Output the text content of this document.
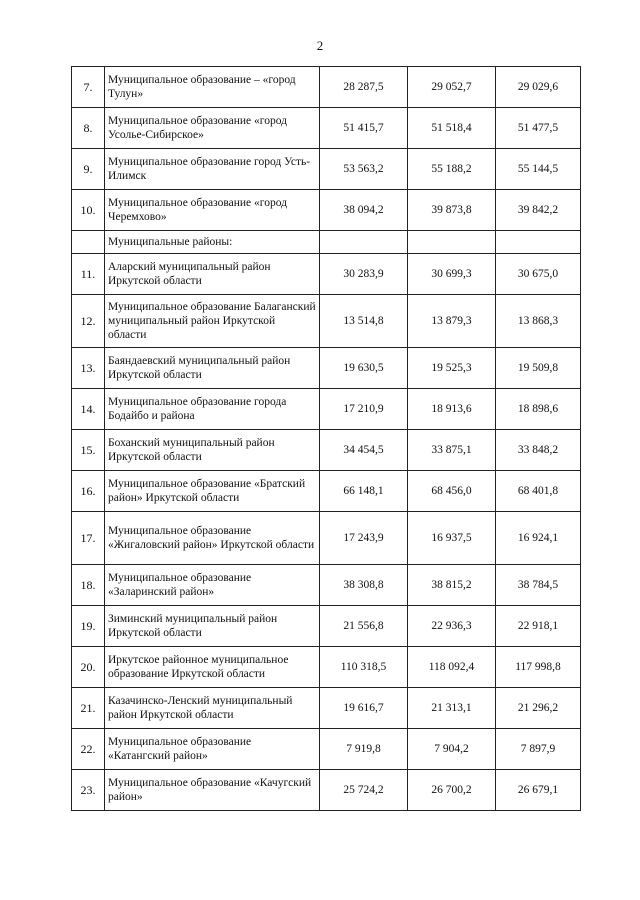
2
7.	Муниципальное образование – «город Тулун»	28 287,5	29 052,7	29 029,6
8.	Муниципальное образование «город Усолье-Сибирское»	51 415,7	51 518,4	51 477,5
9.	Муниципальное образование город Усть-Илимск	53 563,2	55 188,2	55 144,5
10.	Муниципальное образование «город Черемхово»	38 094,2	39 873,8	39 842,2
	Муниципальные районы:			
11.	Аларский муниципальный район Иркутской области	30 283,9	30 699,3	30 675,0
12.	Муниципальное образование Балаганский муниципальный район Иркутской области	13 514,8	13 879,3	13 868,3
13.	Баяндаевский муниципальный район Иркутской области	19 630,5	19 525,3	19 509,8
14.	Муниципальное образование города Бодайбо и района	17 210,9	18 913,6	18 898,6
15.	Боханский муниципальный район Иркутской области	34 454,5	33 875,1	33 848,2
16.	Муниципальное образование «Братский район» Иркутской области	66 148,1	68 456,0	68 401,8
17.	Муниципальное образование «Жигаловский район» Иркутской области	17 243,9	16 937,5	16 924,1
18.	Муниципальное образование «Заларинский район»	38 308,8	38 815,2	38 784,5
19.	Зиминский муниципальный район Иркутской области	21 556,8	22 936,3	22 918,1
20.	Иркутское районное муниципальное образование Иркутской области	110 318,5	118 092,4	117 998,8
21.	Казачинско-Ленский муниципальный район Иркутской области	19 616,7	21 313,1	21 296,2
22.	Муниципальное образование «Катангский район»	7 919,8	7 904,2	7 897,9
23.	Муниципальное образование «Качугский район»	25 724,2	26 700,2	26 679,1
